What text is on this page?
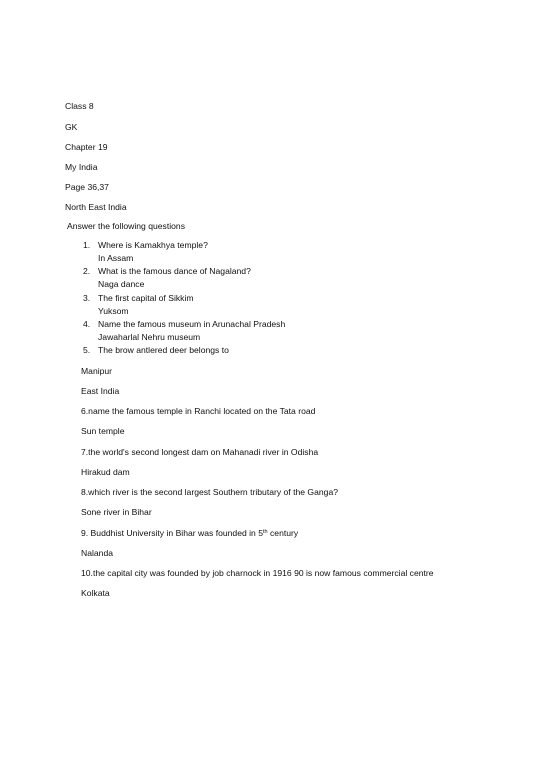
Class 8
GK
Chapter 19
My India
Page 36,37
North East India
Answer the following questions
1. Where is Kamakhya temple?
In Assam
2. What is the famous dance of Nagaland?
Naga dance
3. The first capital of Sikkim
Yuksom
4. Name the famous museum in Arunachal Pradesh
Jawaharlal Nehru museum
5. The brow antlered deer belongs to
Manipur
East India
6.name the famous temple in Ranchi located on the Tata road
Sun temple
7.the world's second longest dam on Mahanadi river in Odisha
Hirakud dam
8.which river is the second largest Southern tributary of the Ganga?
Sone river in Bihar
9. Buddhist University in Bihar was founded in 5th century
Nalanda
10.the capital city was founded by job charnock in 1916 90 is now famous commercial centre
Kolkata
